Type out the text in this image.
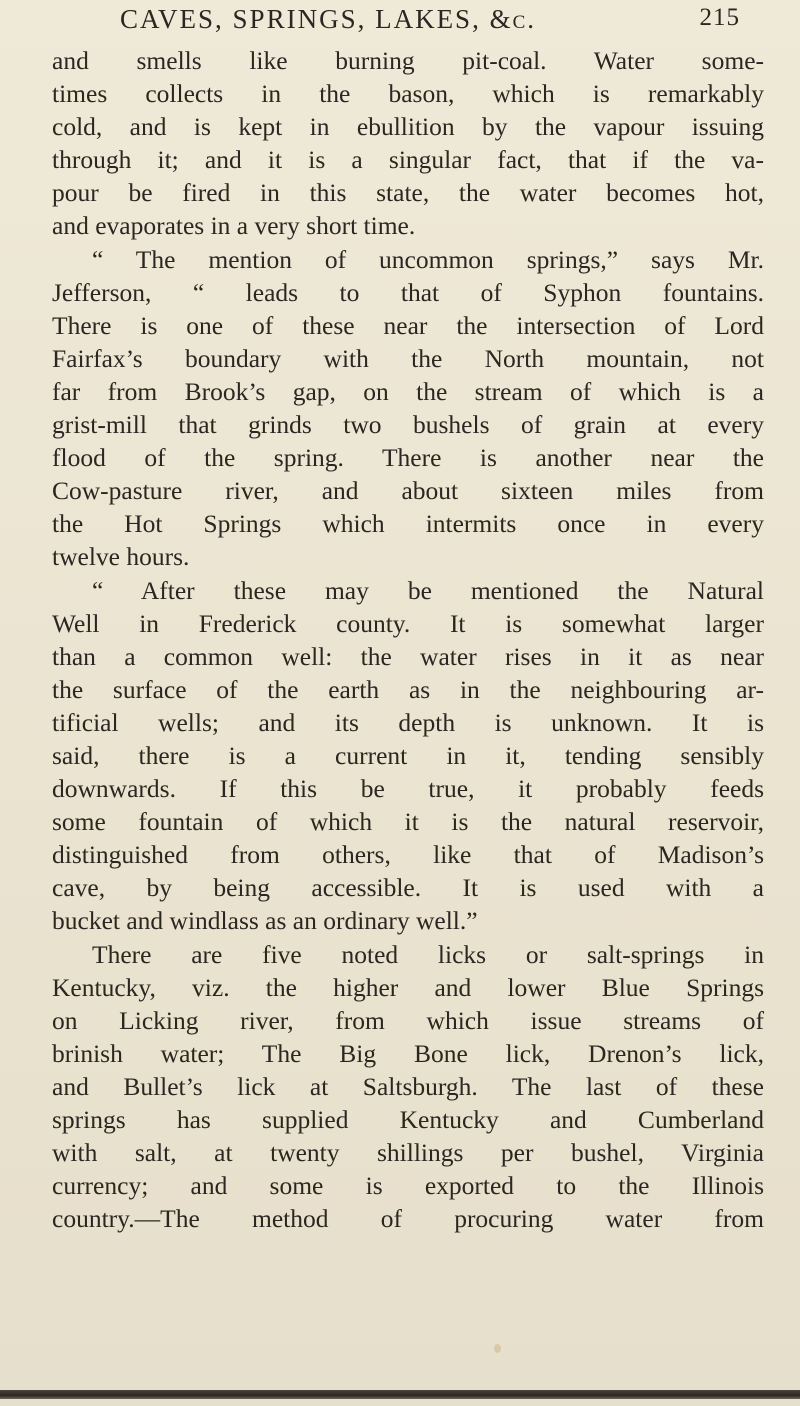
CAVES, SPRINGS, LAKES, &c.	215
and smells like burning pit-coal. Water some-
times collects in the bason, which is remarkably
cold, and is kept in ebullition by the vapour issuing
through it; and it is a singular fact, that if the va-
pour be fired in this state, the water becomes hot,
and evaporates in a very short time.
“ The mention of uncommon springs,” says Mr.
Jefferson, “ leads to that of Syphon fountains.
There is one of these near the intersection of Lord
Fairfax’s boundary with the North mountain, not
far from Brook’s gap, on the stream of which is a
grist-mill that grinds two bushels of grain at every
flood of the spring. There is another near the
Cow-pasture river, and about sixteen miles from
the Hot Springs which intermits once in every
twelve hours.
“ After these may be mentioned the Natural
Well in Frederick county. It is somewhat larger
than a common well: the water rises in it as near
the surface of the earth as in the neighbouring ar-
tificial wells; and its depth is unknown. It is
said, there is a current in it, tending sensibly
downwards. If this be true, it probably feeds
some fountain of which it is the natural reservoir,
distinguished from others, like that of Madison’s
cave, by being accessible. It is used with a
bucket and windlass as an ordinary well.”
There are five noted licks or salt-springs in
Kentucky, viz. the higher and lower Blue Springs
on Licking river, from which issue streams of
brinish water; The Big Bone lick, Drenon’s lick,
and Bullet’s lick at Saltsburgh. The last of these
springs has supplied Kentucky and Cumberland
with salt, at twenty shillings per bushel, Virginia
currency; and some is exported to the Illinois
country.—The method of procuring water from
